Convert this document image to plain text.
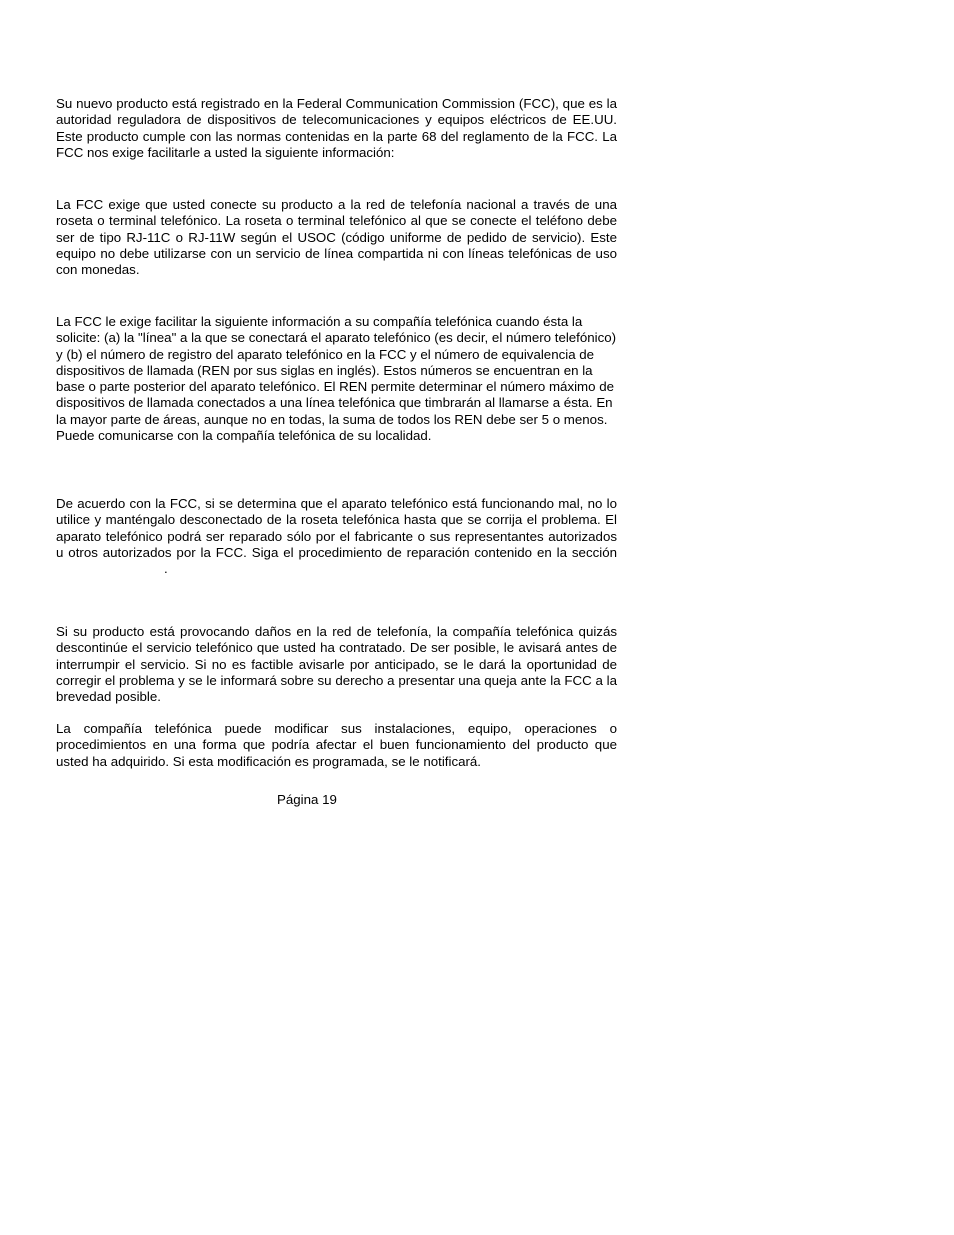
Su nuevo producto está registrado en la Federal Communication Commission (FCC), que es la autoridad reguladora de dispositivos de telecomunicaciones y equipos eléctricos de EE.UU. Este producto cumple con las normas contenidas en la parte 68 del reglamento de la FCC. La FCC nos exige facilitarle a usted la siguiente información:

La FCC exige que usted conecte su producto a la red de telefonía nacional a través de una roseta o terminal telefónico. La roseta o terminal telefónico al que se conecte el teléfono debe ser de tipo RJ-11C o RJ-11W según el USOC (código uniforme de pedido de servicio). Este equipo no debe utilizarse con un servicio de línea compartida ni con líneas telefónicas de uso con monedas.

La FCC le exige facilitar la siguiente información a su compañía telefónica cuando ésta la solicite: (a) la "línea" a la que se conectará el aparato telefónico (es decir, el número telefónico) y (b) el número de registro del aparato telefónico en la FCC y el número de equivalencia de dispositivos de llamada (REN por sus siglas en inglés). Estos números se encuentran en la base o parte posterior del aparato telefónico. El REN permite determinar el número máximo de dispositivos de llamada conectados a una línea telefónica que timbrarán al llamarse a ésta. En la mayor parte de áreas, aunque no en todas, la suma de todos los REN debe ser 5 o menos. Puede comunicarse con la compañía telefónica de su localidad.

De acuerdo con la FCC, si se determina que el aparato telefónico está funcionando mal, no lo utilice y manténgalo desconectado de la roseta telefónica hasta que se corrija el problema. El aparato telefónico podrá ser reparado sólo por el fabricante o sus representantes autorizados u otros autorizados por la FCC. Siga el procedimiento de reparación contenido en la sección .

Si su producto está provocando daños en la red de telefonía, la compañía telefónica quizás descontinúe el servicio telefónico que usted ha contratado. De ser posible, le avisará antes de interrumpir el servicio. Si no es factible avisarle por anticipado, se le dará la oportunidad de corregir el problema y se le informará sobre su derecho a presentar una queja ante la FCC a la brevedad posible.

La compañía telefónica puede modificar sus instalaciones, equipo, operaciones o procedimientos en una forma que podría afectar el buen funcionamiento del producto que usted ha adquirido. Si esta modificación es programada, se le notificará.

Página 19
